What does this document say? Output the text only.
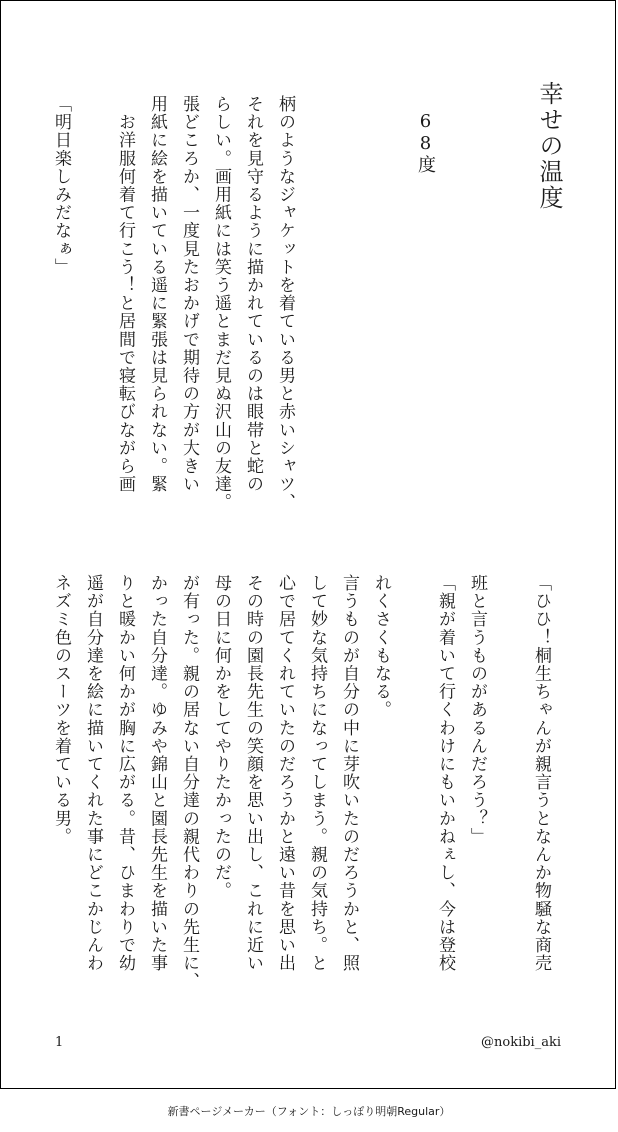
幸せの温度
68度
柄のようなジャケットを着ている男と赤いシャツ、
それを見守るように描かれているのは眼帯と蛇の
らしい。画用紙には笑う遥とまだ見ぬ沢山の友達。
張どころか、一度見たおかげで期待の方が大きい
用紙に絵を描いている遥に緊張は見られない。緊
　お洋服何着て行こう！と居間で寝転びながら画

「明日楽しみだなぁ」
「ひひ！桐生ちゃんが親言うとなんか物騒な商売

班と言うものがあるんだろう？」
「親が着いて行くわけにもいかねぇし、今は登校

れくさくもなる。
言うものが自分の中に芽吹いたのだろうかと、照
して妙な気持ちになってしまう。親の気持ち。と
心で居てくれていたのだろうかと遠い昔を思い出
その時の園長先生の笑顔を思い出し、これに近い
母の日に何かをしてやりたかったのだ。
が有った。親の居ない自分達の親代わりの先生に、
かった自分達。ゆみや錦山と園長先生を描いた事
りと暖かい何かが胸に広がる。昔、ひまわりで幼
遥が自分達を絵に描いてくれた事にどこかじんわ
ネズミ色のスーツを着ている男。
1	@nokibi_aki
新書ページメーカー（フォント：しっぽり明朝Regular）
